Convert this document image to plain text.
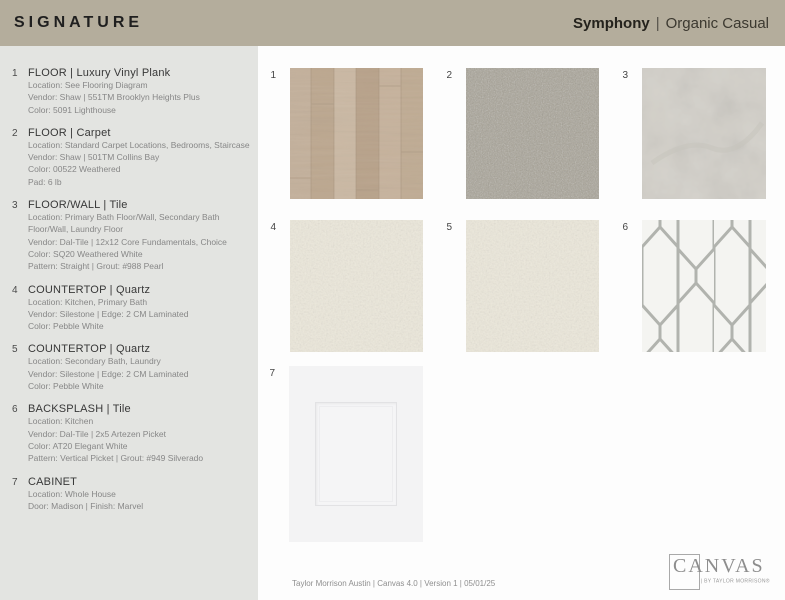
SIGNATURE	Symphony | Organic Casual
1 FLOOR | Luxury Vinyl Plank
Location: See Flooring Diagram
Vendor: Shaw | 551TM Brooklyn Heights Plus
Color: 5091 Lighthouse
2 FLOOR | Carpet
Location: Standard Carpet Locations, Bedrooms, Staircase
Vendor: Shaw | 501TM Collins Bay
Color: 00522 Weathered
Pad: 6 lb
3 FLOOR/WALL | Tile
Location: Primary Bath Floor/Wall, Secondary Bath Floor/Wall, Laundry Floor
Vendor: Dal-Tile | 12x12 Core Fundamentals, Choice
Color: SQ20 Weathered White
Pattern: Straight | Grout: #988 Pearl
4 COUNTERTOP | Quartz
Location: Kitchen, Primary Bath
Vendor: Silestone | Edge: 2 CM Laminated
Color: Pebble White
5 COUNTERTOP | Quartz
Location: Secondary Bath, Laundry
Vendor: Silestone | Edge: 2 CM Laminated
Color: Pebble White
6 BACKSPLASH | Tile
Location: Kitchen
Vendor: Dal-Tile | 2x5 Artezen Picket
Color: AT20 Elegant White
Pattern: Vertical Picket | Grout: #949 Silverado
7 CABINET
Location: Whole House
Door: Madison | Finish: Marvel
1	2	3
4	5	6
7
Taylor Morrison Austin | Canvas 4.0 | Version 1 | 05/01/25
CANVAS
| BY TAYLOR MORRISON®
